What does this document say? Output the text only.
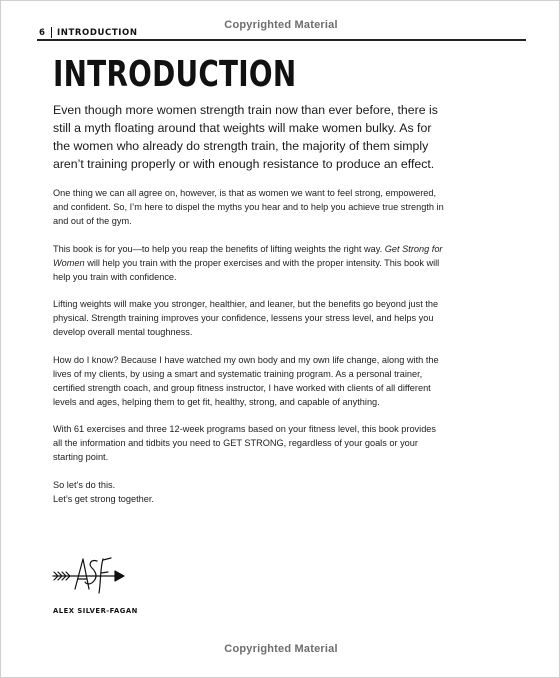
Copyrighted Material
6 INTRODUCTION
INTRODUCTION

Even though more women strength train now than ever before, there is still a myth floating around that weights will make women bulky. As for the women who already do strength train, the majority of them simply aren’t training properly or with enough resistance to produce an effect.

One thing we can all agree on, however, is that as women we want to feel strong, empowered, and confident. So, I’m here to dispel the myths you hear and to help you achieve true strength in and out of the gym.

This book is for you—to help you reap the benefits of lifting weights the right way. Get Strong for Women will help you train with the proper exercises and with the proper intensity. This book will help you train with confidence.

Lifting weights will make you stronger, healthier, and leaner, but the benefits go beyond just the physical. Strength training improves your confidence, lessens your stress level, and helps you develop overall mental toughness.

How do I know? Because I have watched my own body and my own life change, along with the lives of my clients, by using a smart and systematic training program. As a personal trainer, certified strength coach, and group fitness instructor, I have worked with clients of all different levels and ages, helping them to get fit, healthy, strong, and capable of anything.

With 61 exercises and three 12-week programs based on your fitness level, this book provides all the information and tidbits you need to GET STRONG, regardless of your goals or your starting point.

So let’s do this.
Let’s get strong together.

ALEX SILVER-FAGAN
Copyrighted Material
